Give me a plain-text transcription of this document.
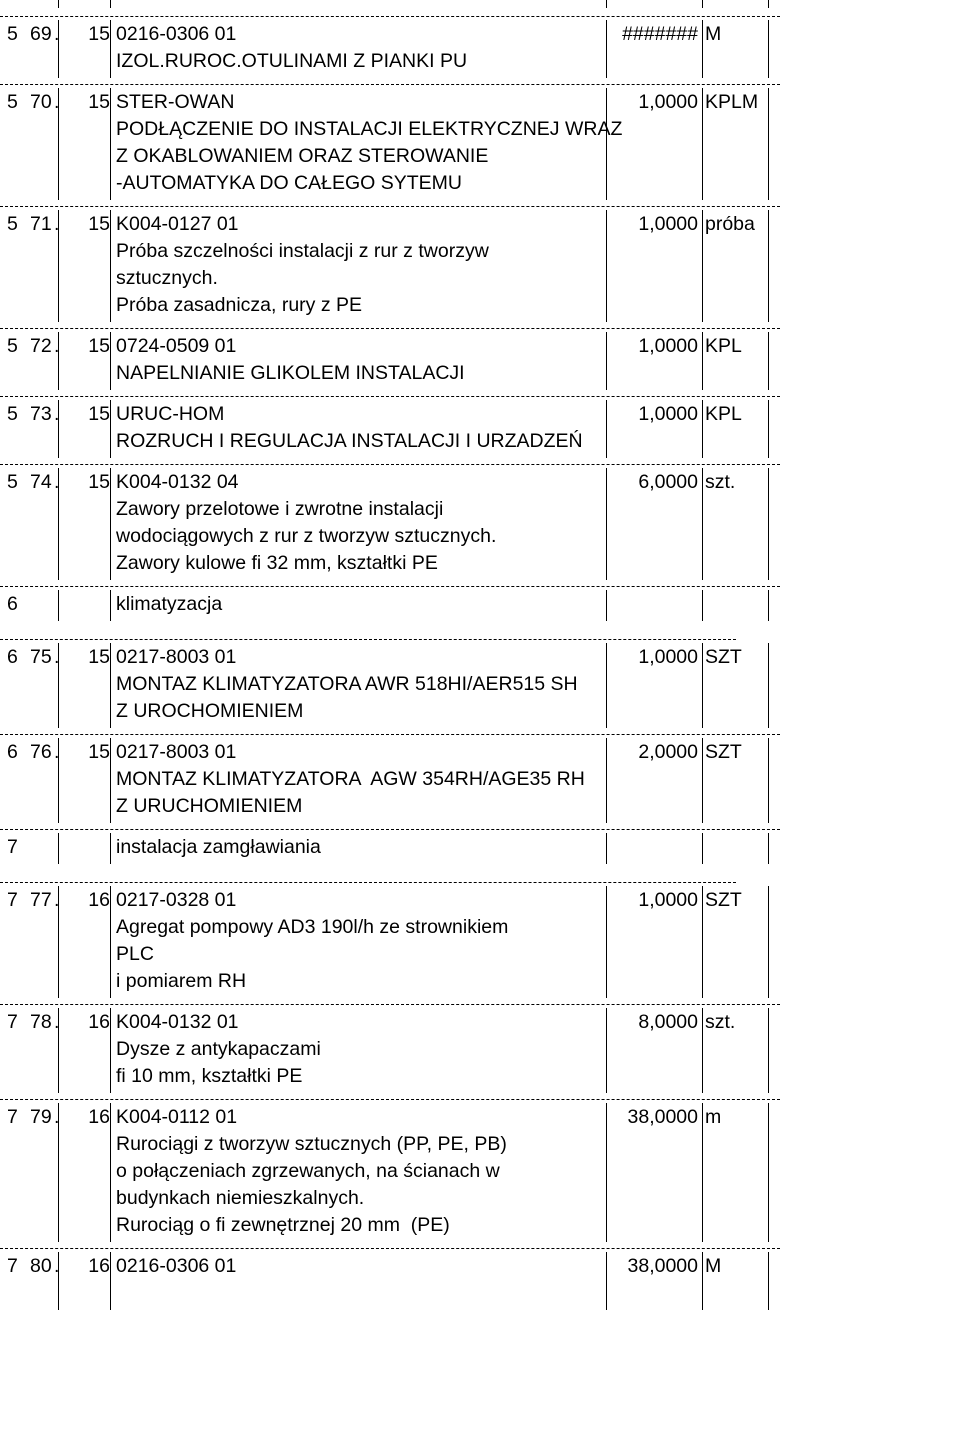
5 69 .	15 0216-0306 01	####### M
IZOL.RUROC.OTULINAMI Z PIANKI PU
5 70 .	15 STER-OWAN	1,0000 KPLM
PODŁĄCZENIE DO INSTALACJI ELEKTRYCZNEJ WRAZ
Z OKABLOWANIEM ORAZ STEROWANIE
-AUTOMATYKA DO CAŁEGO SYTEMU
5 71 .	15 K004-0127 01	1,0000 próba
Próba szczelności instalacji z rur z tworzyw
sztucznych.
Próba zasadnicza, rury z PE
5 72 .	15 0724-0509 01	1,0000 KPL
NAPELNIANIE GLIKOLEM INSTALACJI
5 73 .	15 URUC-HOM	1,0000 KPL
ROZRUCH I REGULACJA INSTALACJI I URZADZEŃ
5 74 .	15 K004-0132 04	6,0000 szt.
Zawory przelotowe i zwrotne instalacji
wodociągowych z rur z tworzyw sztucznych.
Zawory kulowe fi 32 mm, kształtki PE
6	klimatyzacja
6 75 .	15 0217-8003 01	1,0000 SZT
MONTAZ KLIMATYZATORA AWR 518HI/AER515 SH
Z UROCHOMIENIEM
6 76 .	15 0217-8003 01	2,0000 SZT
MONTAZ KLIMATYZATORA  AGW 354RH/AGE35 RH
Z URUCHOMIENIEM
7	instalacja zamgławiania
7 77 .	16 0217-0328 01	1,0000 SZT
Agregat pompowy AD3 190l/h ze strownikiem
PLC
i pomiarem RH
7 78 .	16 K004-0132 01	8,0000 szt.
Dysze z antykapaczami
fi 10 mm, kształtki PE
7 79 .	16 K004-0112 01	38,0000 m
Rurociągi z tworzyw sztucznych (PP, PE, PB)
o połączeniach zgrzewanych, na ścianach w
budynkach niemieszkalnych.
Rurociąg o fi zewnętrznej 20 mm  (PE)
7 80 .	16 0216-0306 01	38,0000 M
